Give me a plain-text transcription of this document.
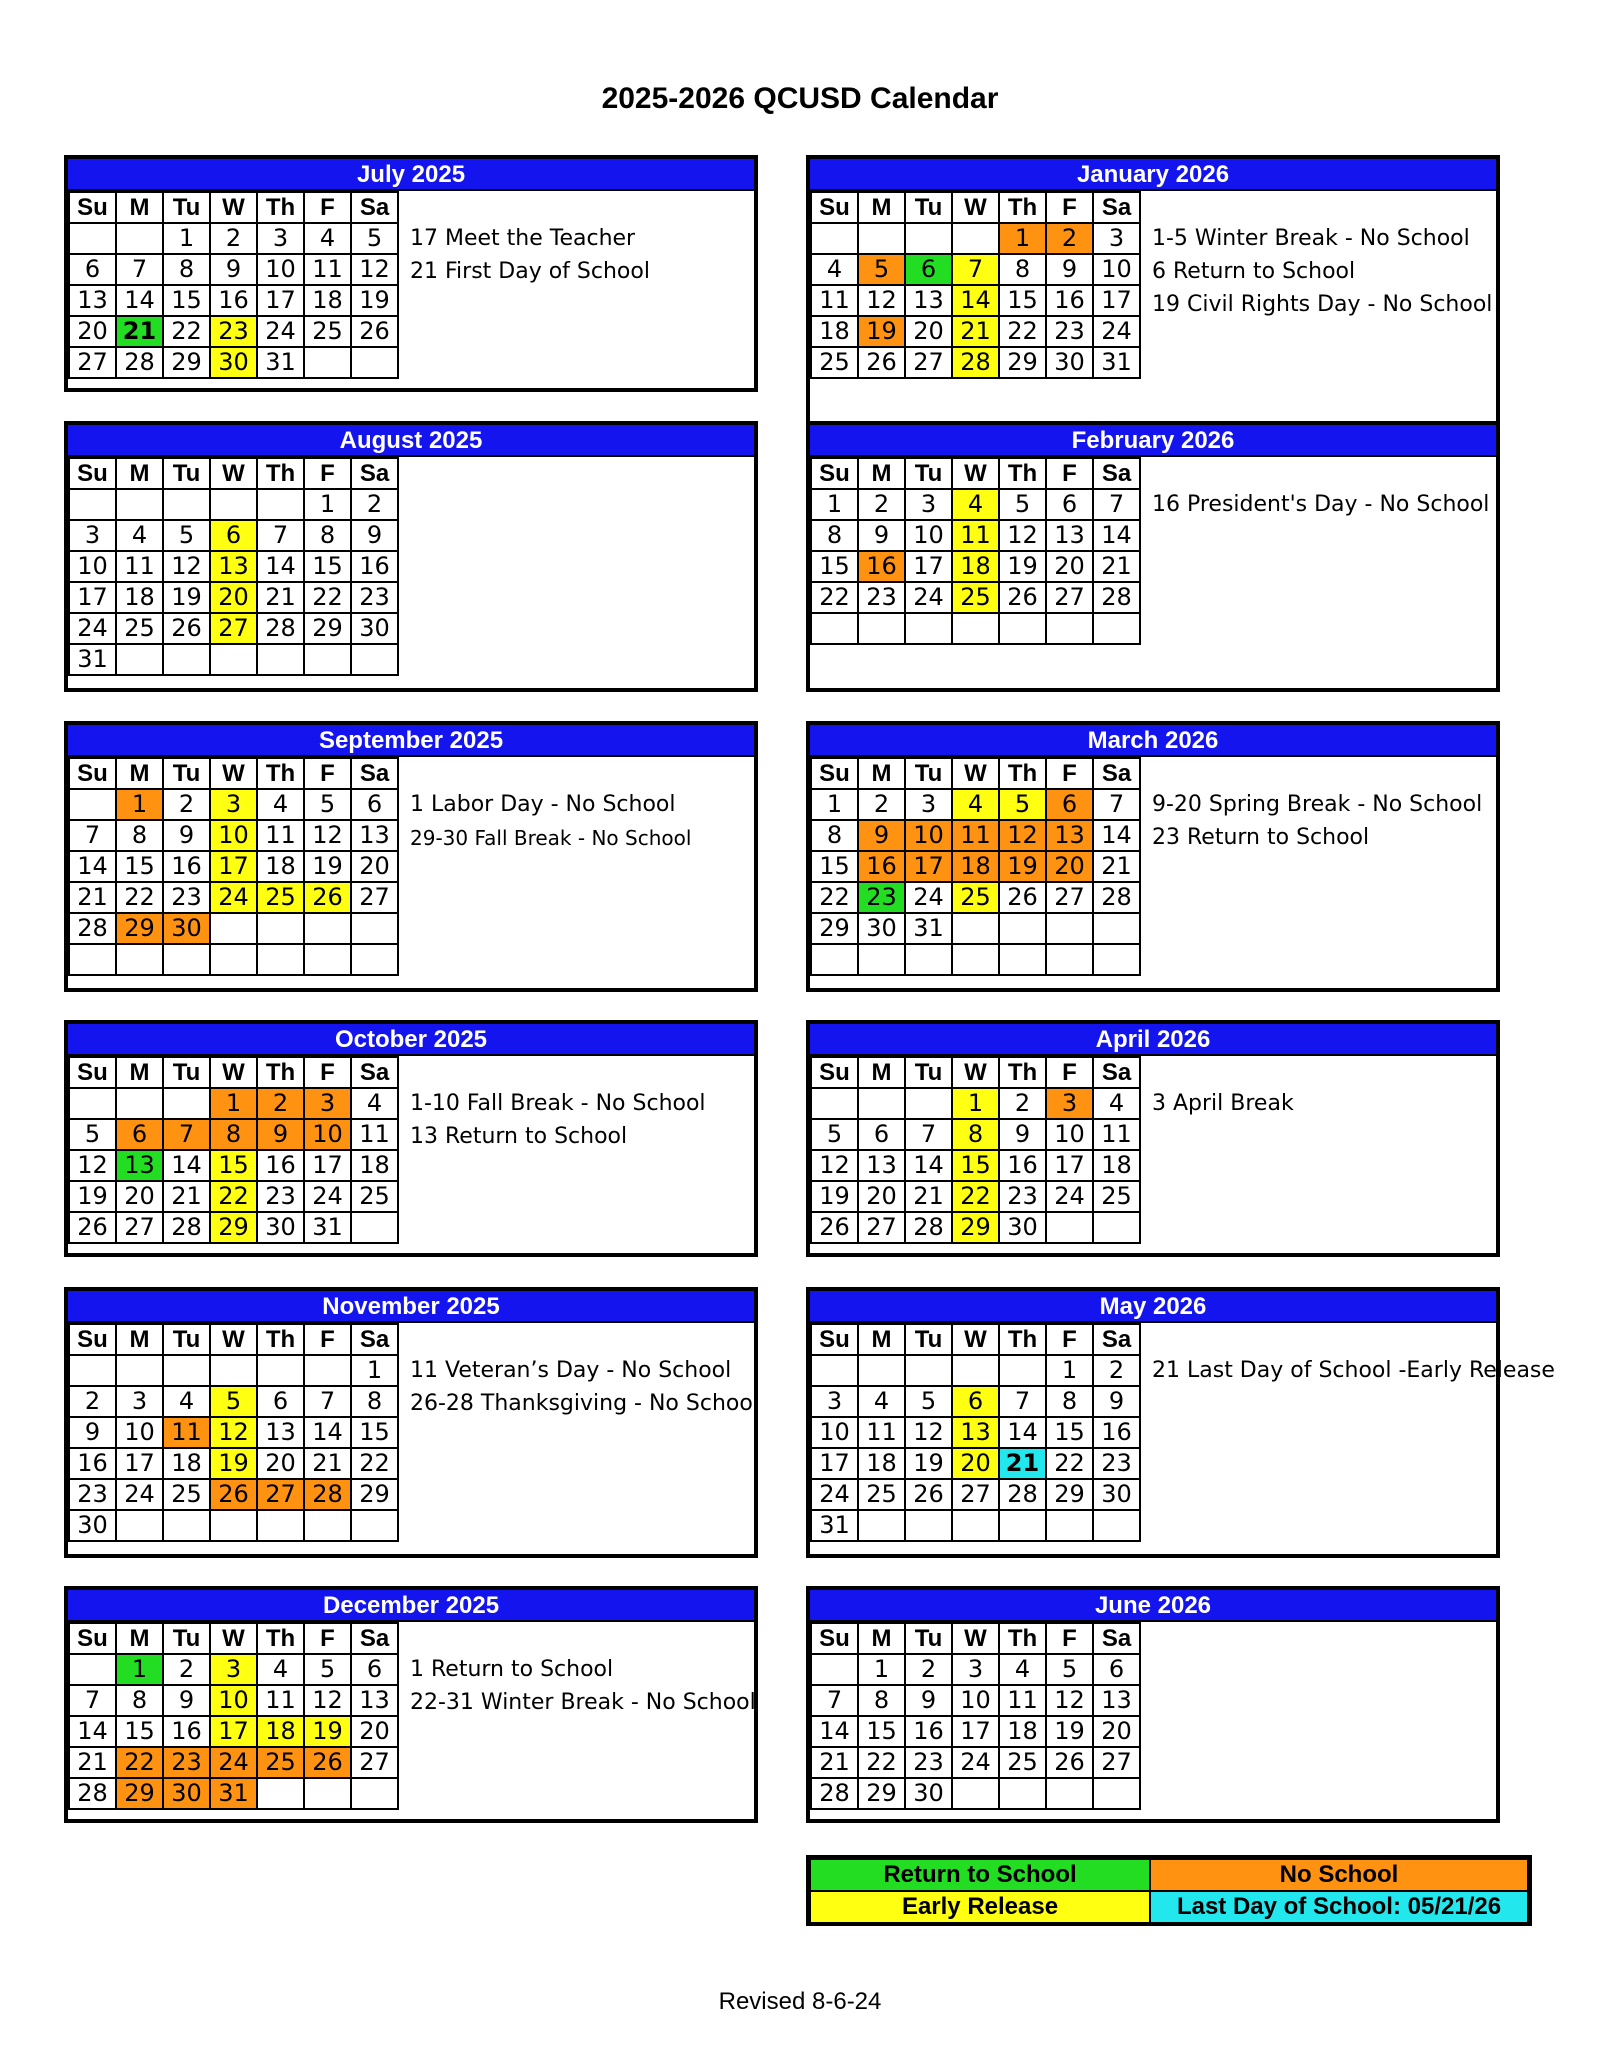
2025-2026 QCUSD Calendar
July 2025
Su	M	Tu	W	Th	F	Sa
		1	2	3	4	5
6	7	8	9	10	11	12
13	14	15	16	17	18	19
20	21	22	23	24	25	26
27	28	29	30	31		
17 Meet the Teacher
21 First Day of School
August 2025
Su	M	Tu	W	Th	F	Sa
					1	2
3	4	5	6	7	8	9
10	11	12	13	14	15	16
17	18	19	20	21	22	23
24	25	26	27	28	29	30
31						
September 2025
Su	M	Tu	W	Th	F	Sa
	1	2	3	4	5	6
7	8	9	10	11	12	13
14	15	16	17	18	19	20
21	22	23	24	25	26	27
28	29	30				

1 Labor Day - No School
29-30 Fall Break - No School
October 2025
Su	M	Tu	W	Th	F	Sa
			1	2	3	4
5	6	7	8	9	10	11
12	13	14	15	16	17	18
19	20	21	22	23	24	25
26	27	28	29	30	31	
1-10 Fall Break - No School
13 Return to School
November 2025
Su	M	Tu	W	Th	F	Sa
						1
2	3	4	5	6	7	8
9	10	11	12	13	14	15
16	17	18	19	20	21	22
23	24	25	26	27	28	29
30						
11 Veteran’s Day - No School
26-28 Thanksgiving - No School
December 2025
Su	M	Tu	W	Th	F	Sa
	1	2	3	4	5	6
7	8	9	10	11	12	13
14	15	16	17	18	19	20
21	22	23	24	25	26	27
28	29	30	31			
1 Return to School
22-31 Winter Break - No School
January 2026
Su	M	Tu	W	Th	F	Sa
				1	2	3
4	5	6	7	8	9	10
11	12	13	14	15	16	17
18	19	20	21	22	23	24
25	26	27	28	29	30	31
1-5 Winter Break - No School
6 Return to School
19 Civil Rights Day - No School
February 2026
Su	M	Tu	W	Th	F	Sa
1	2	3	4	5	6	7
8	9	10	11	12	13	14
15	16	17	18	19	20	21
22	23	24	25	26	27	28

16 President's Day - No School
March 2026
Su	M	Tu	W	Th	F	Sa
1	2	3	4	5	6	7
8	9	10	11	12	13	14
15	16	17	18	19	20	21
22	23	24	25	26	27	28
29	30	31				

9-20 Spring Break - No School
23 Return to School
April 2026
Su	M	Tu	W	Th	F	Sa
			1	2	3	4
5	6	7	8	9	10	11
12	13	14	15	16	17	18
19	20	21	22	23	24	25
26	27	28	29	30		
3 April Break
May 2026
Su	M	Tu	W	Th	F	Sa
					1	2
3	4	5	6	7	8	9
10	11	12	13	14	15	16
17	18	19	20	21	22	23
24	25	26	27	28	29	30
31						
21 Last Day of School -Early Release
June 2026
Su	M	Tu	W	Th	F	Sa
	1	2	3	4	5	6
7	8	9	10	11	12	13
14	15	16	17	18	19	20
21	22	23	24	25	26	27
28	29	30				
Return to School	No School
Early Release	Last Day of School: 05/21/26
Revised 8-6-24
